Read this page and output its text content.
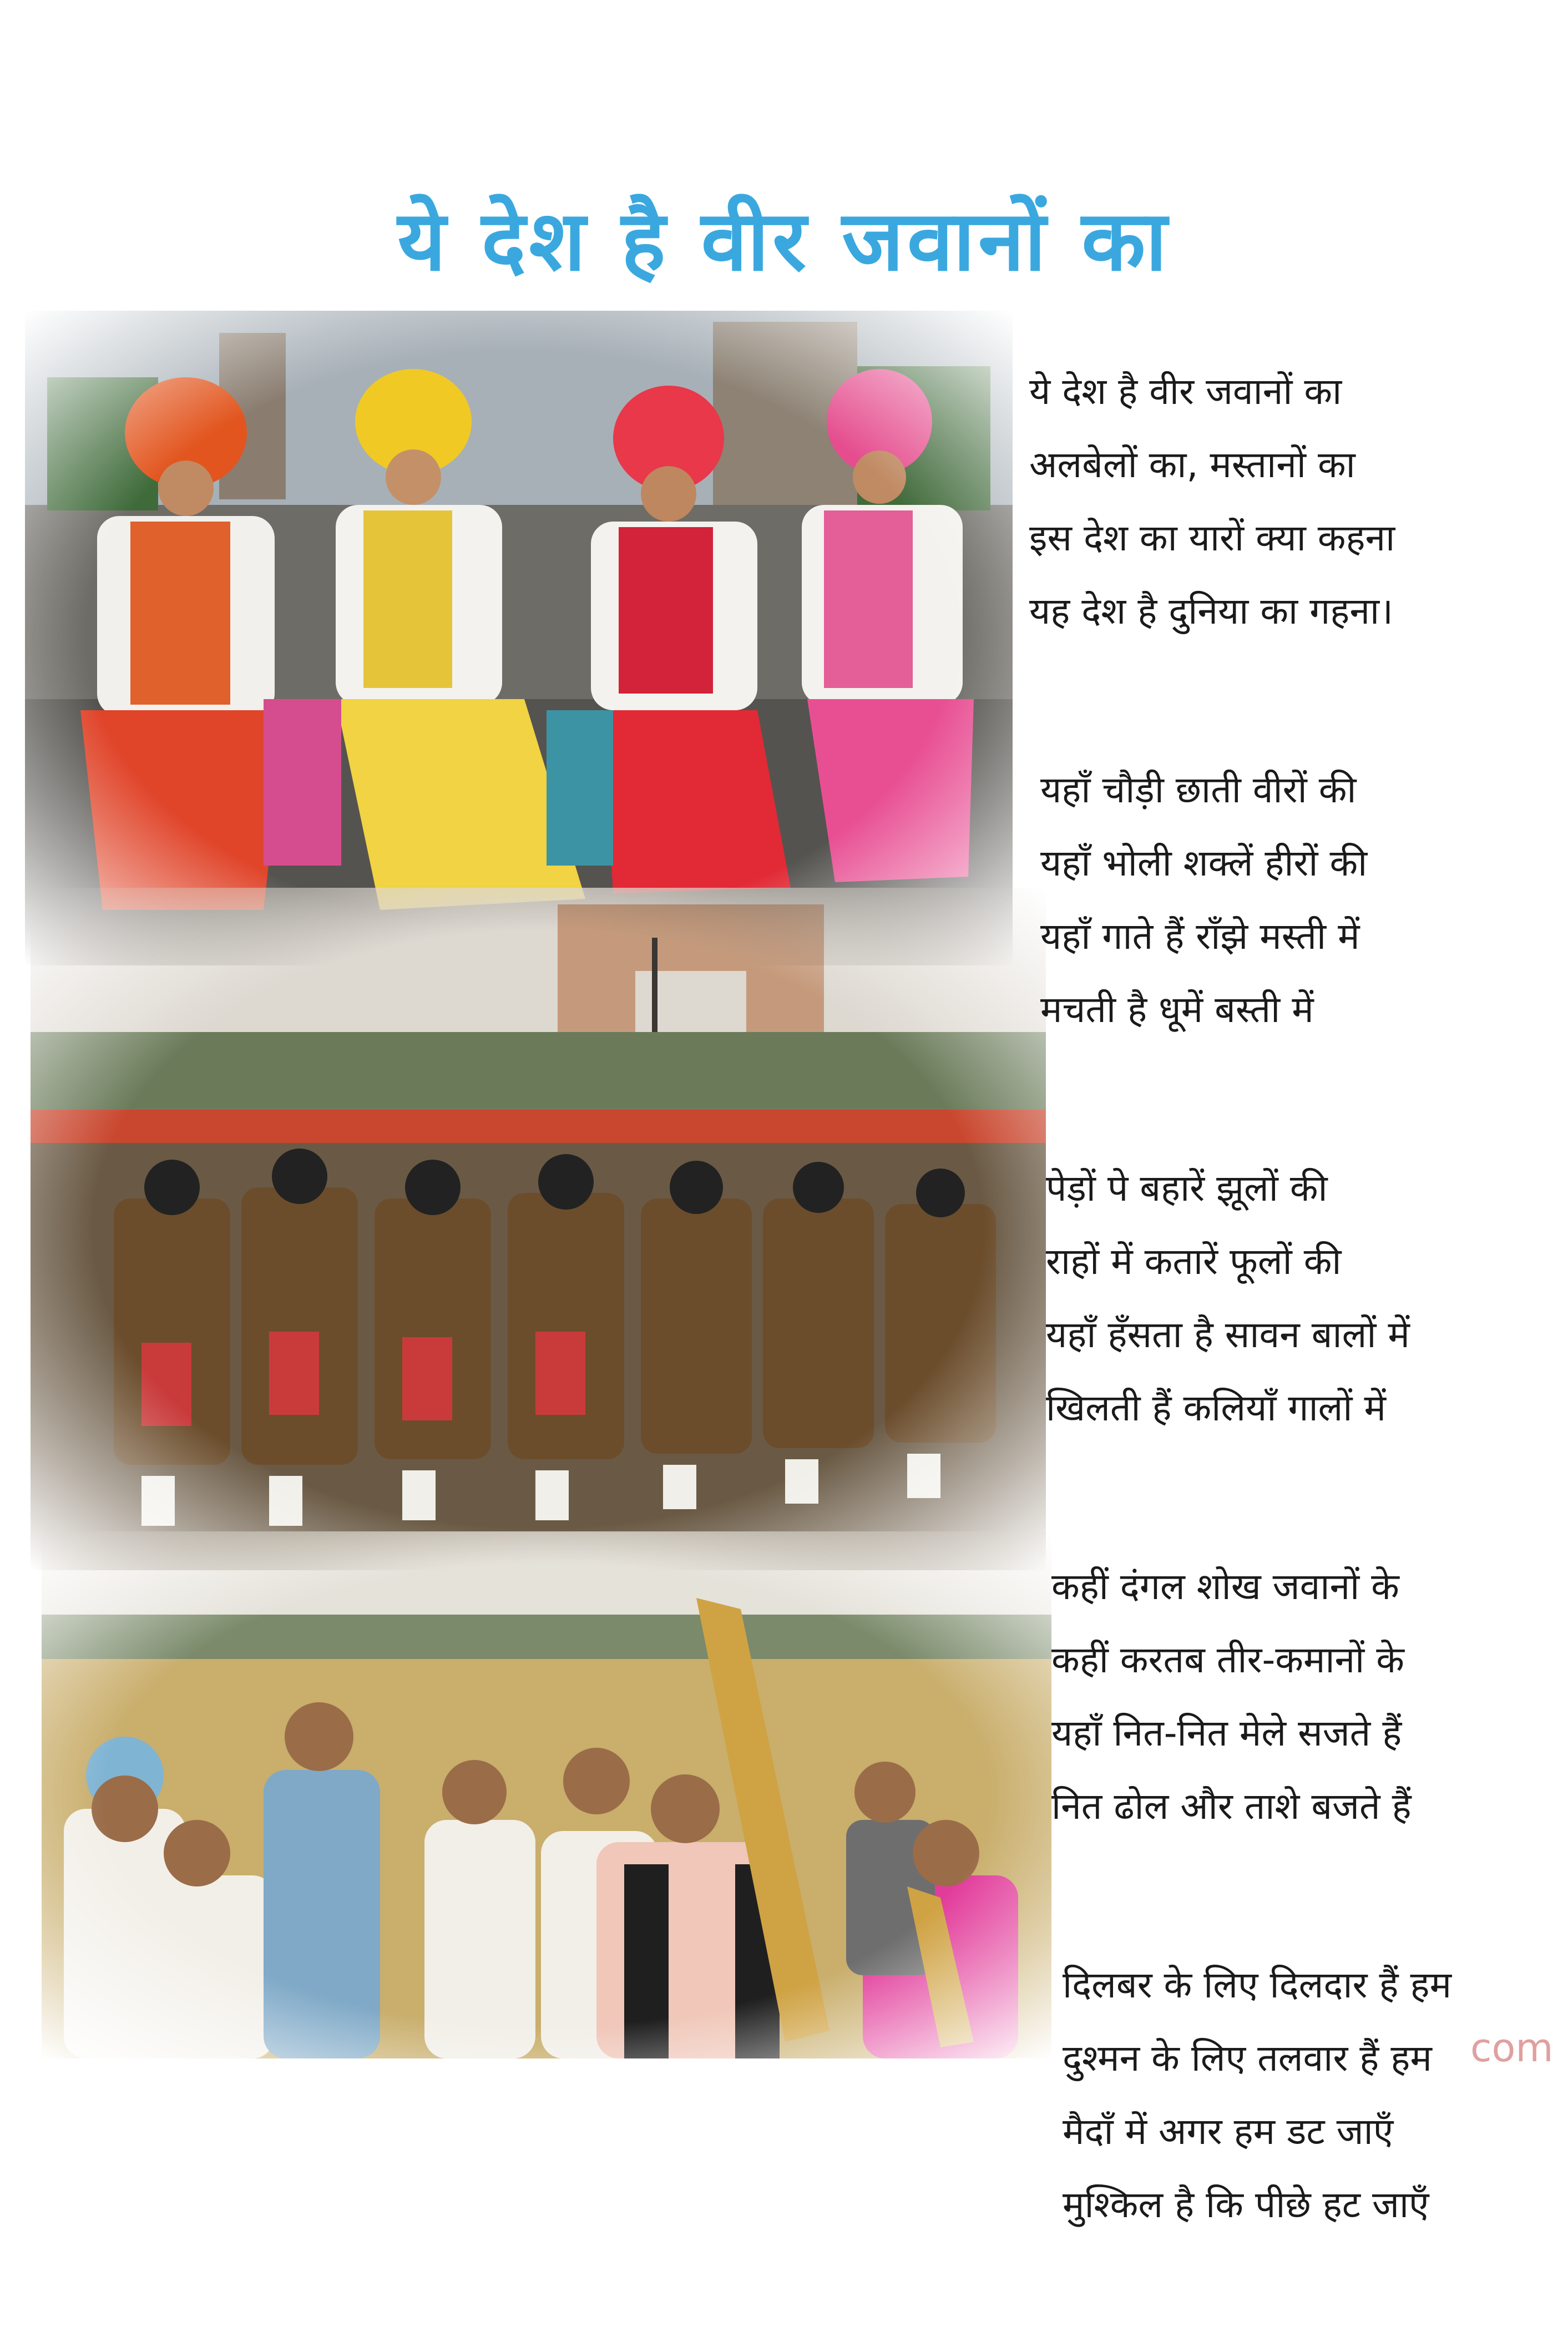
ये देश है वीर जवानों का
ये देश है वीर जवानों का
अलबेलों का, मस्तानों का
इस देश का यारों क्या कहना
यह देश है दुनिया का गहना।
यहाँ चौड़ी छाती वीरों की
यहाँ भोली शक्लें हीरों की
यहाँ गाते हैं राँझे मस्ती में
मचती है धूमें बस्ती में
पेड़ों पे बहारें झूलों की
राहों में कतारें फूलों की
यहाँ हँसता है सावन बालों में
खिलती हैं कलियाँ गालों में
कहीं दंगल शोख जवानों के
कहीं करतब तीर-कमानों के
यहाँ नित-नित मेले सजते हैं
नित ढोल और ताशे बजते हैं
दिलबर के लिए दिलदार हैं हम
दुश्मन के लिए तलवार हैं हम
मैदाँ में अगर हम डट जाएँ
मुश्किल है कि पीछे हट जाएँ
com
